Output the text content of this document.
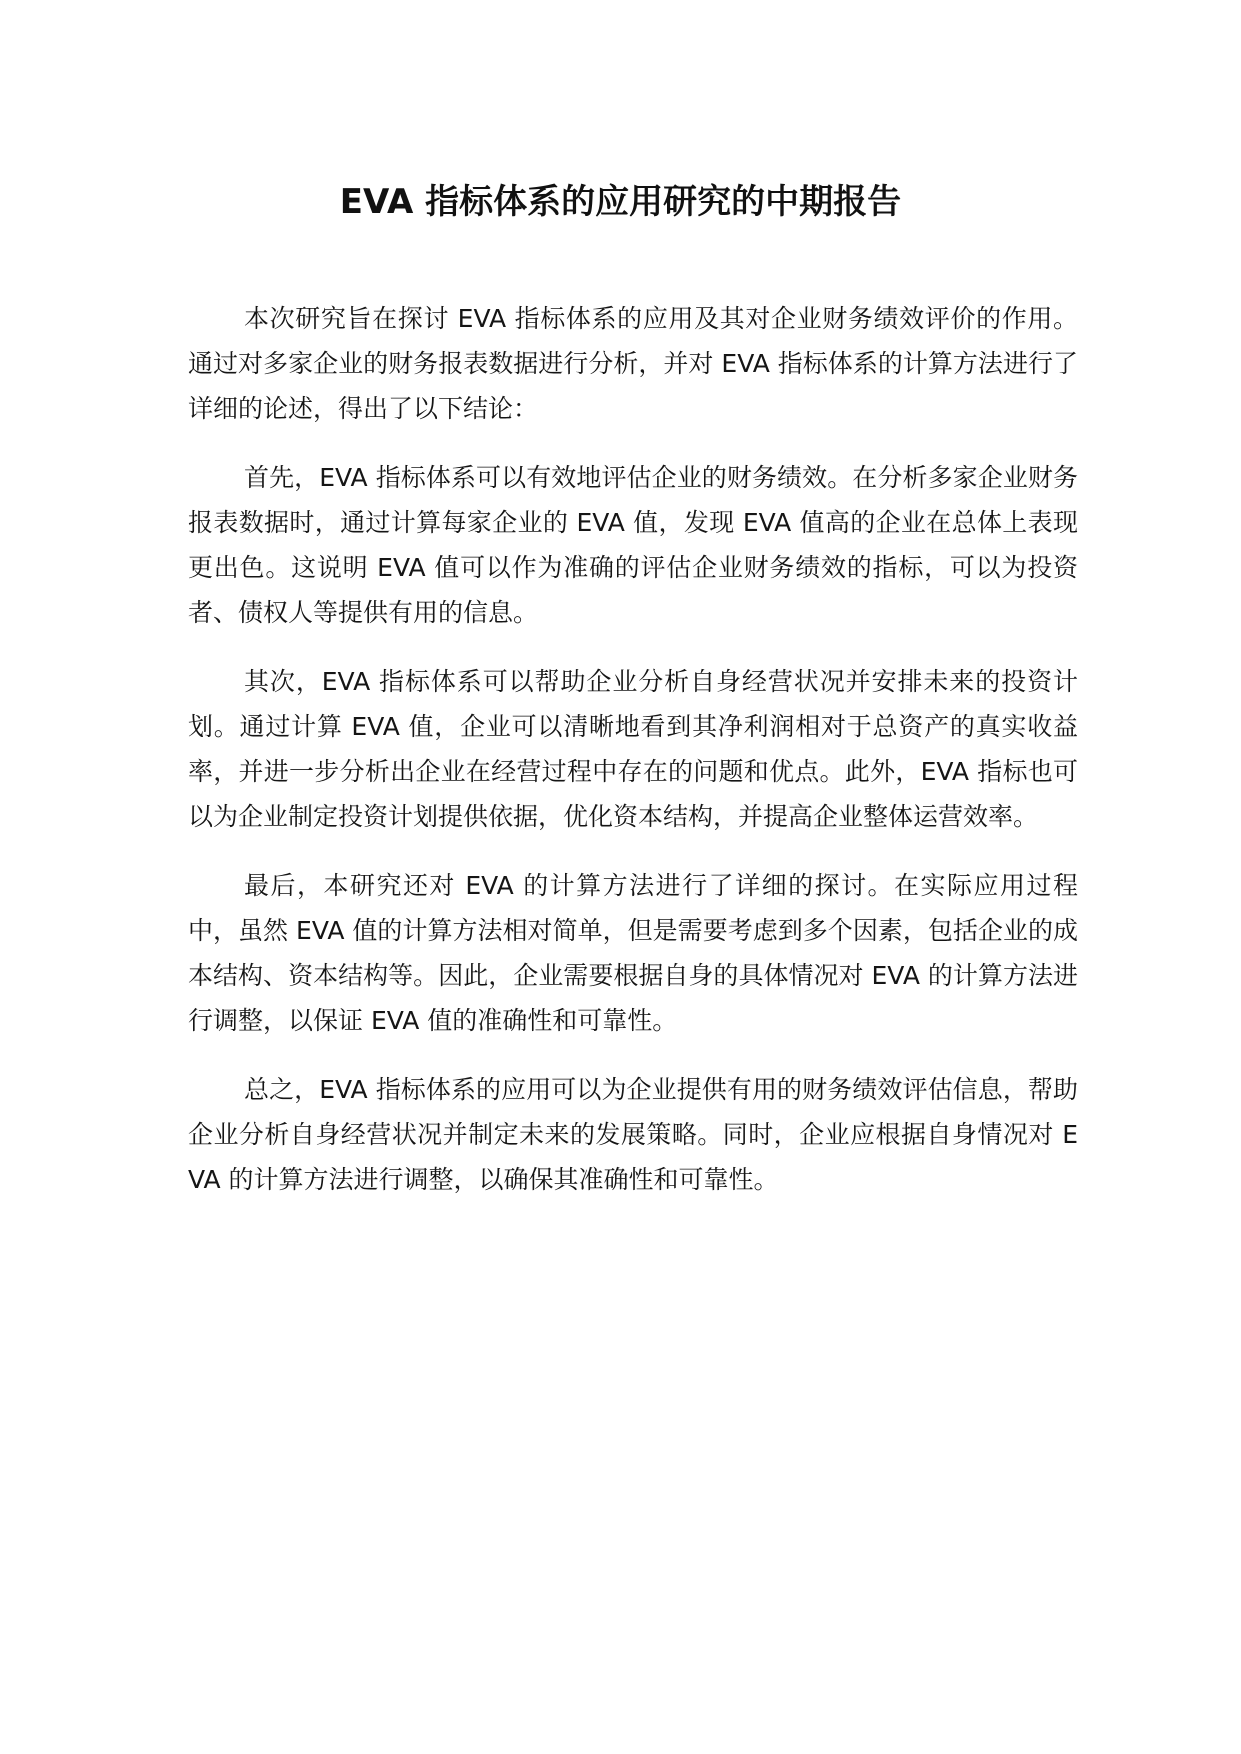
EVA 指标体系的应用研究的中期报告

本次研究旨在探讨 EVA 指标体系的应用及其对企业财务绩效评价的作用。通过对多家企业的财务报表数据进行分析，并对 EVA 指标体系的计算方法进行了详细的论述，得出了以下结论：

首先，EVA 指标体系可以有效地评估企业的财务绩效。在分析多家企业财务报表数据时，通过计算每家企业的 EVA 值，发现 EVA 值高的企业在总体上表现更出色。这说明 EVA 值可以作为准确的评估企业财务绩效的指标，可以为投资者、债权人等提供有用的信息。

其次，EVA 指标体系可以帮助企业分析自身经营状况并安排未来的投资计划。通过计算 EVA 值，企业可以清晰地看到其净利润相对于总资产的真实收益率，并进一步分析出企业在经营过程中存在的问题和优点。此外，EVA 指标也可以为企业制定投资计划提供依据，优化资本结构，并提高企业整体运营效率。

最后，本研究还对 EVA 的计算方法进行了详细的探讨。在实际应用过程中，虽然 EVA 值的计算方法相对简单，但是需要考虑到多个因素，包括企业的成本结构、资本结构等。因此，企业需要根据自身的具体情况对 EVA 的计算方法进行调整，以保证 EVA 值的准确性和可靠性。

总之，EVA 指标体系的应用可以为企业提供有用的财务绩效评估信息，帮助企业分析自身经营状况并制定未来的发展策略。同时，企业应根据自身情况对 EVA 的计算方法进行调整，以确保其准确性和可靠性。
